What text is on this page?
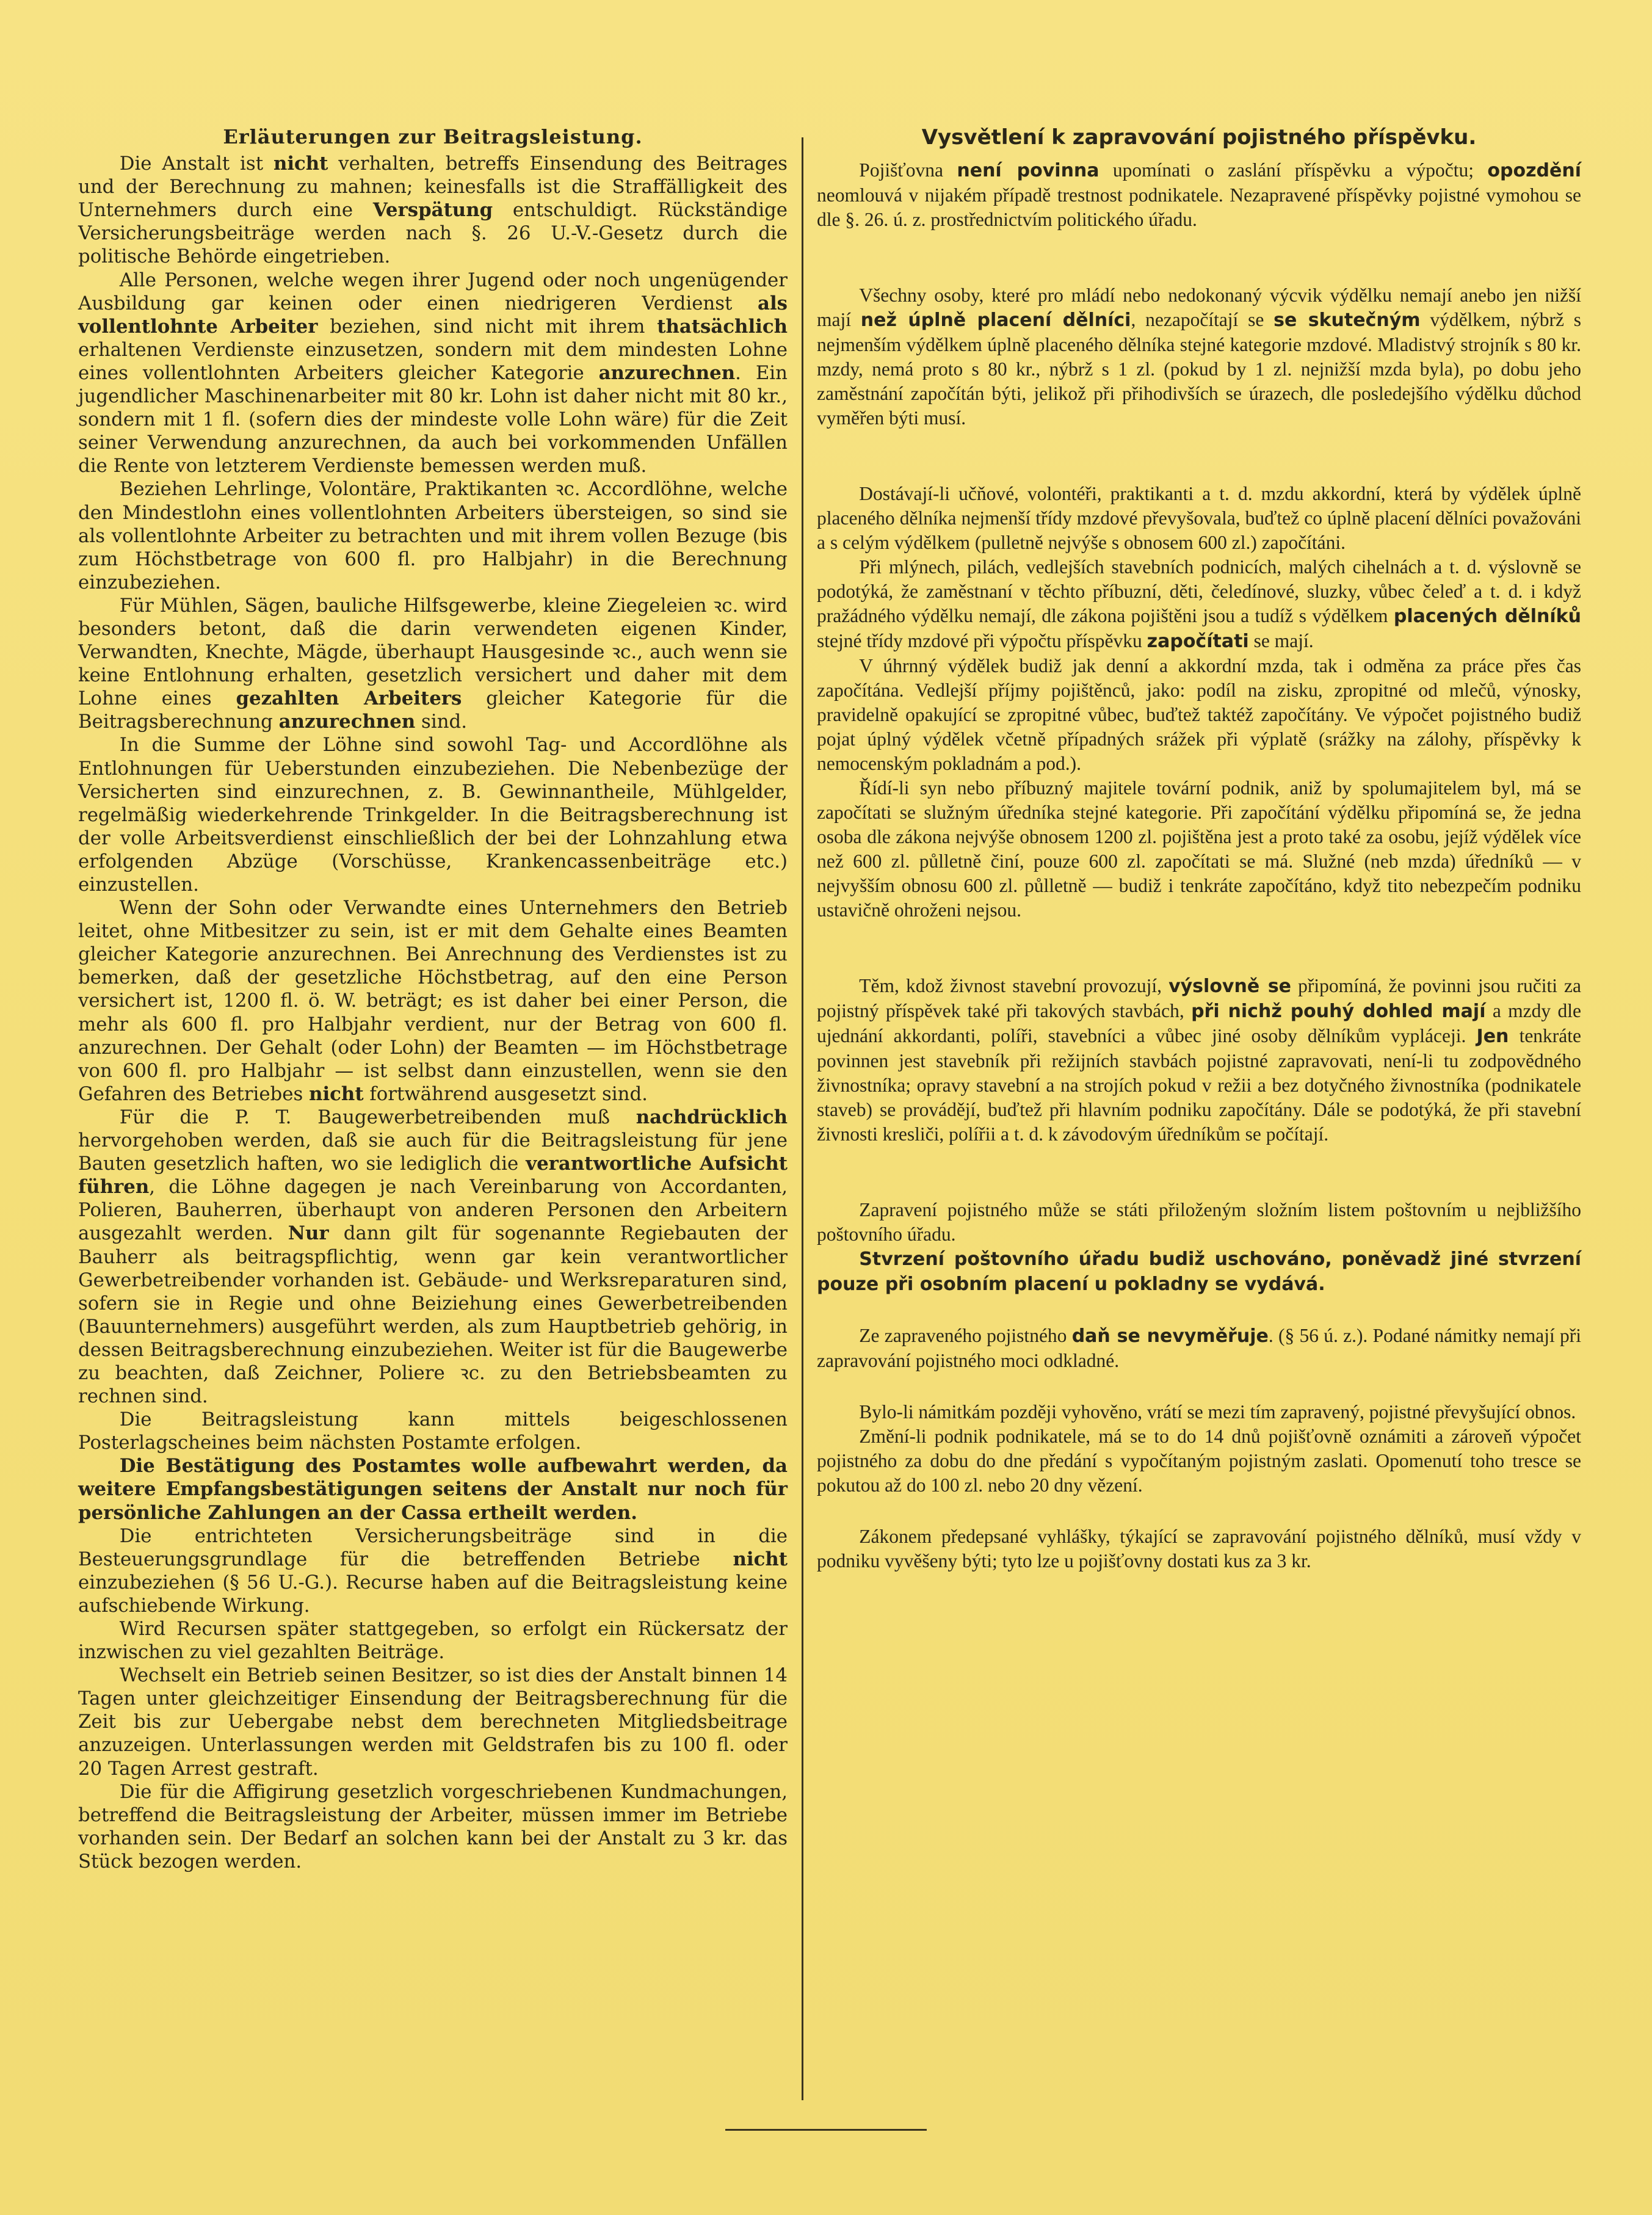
Erläuterungen zur Beitragsleistung.

Die Anstalt ist nicht verhalten, betreffs Einsendung des Beitrages und der Berechnung zu mahnen; keinesfalls ist die Straffälligkeit des Unternehmers durch eine Verspätung entschuldigt. Rückständige Versicherungsbeiträge werden nach §. 26 U.-V.-Gesetz durch die politische Behörde eingetrieben.

Alle Personen, welche wegen ihrer Jugend oder noch ungenügender Ausbildung gar keinen oder einen niedrigeren Verdienst als vollentlohnte Arbeiter beziehen, sind nicht mit ihrem thatsächlich erhaltenen Verdienste einzusetzen, sondern mit dem mindesten Lohne eines vollentlohnten Arbeiters gleicher Kategorie anzurechnen. Ein jugendlicher Maschinenarbeiter mit 80 kr. Lohn ist daher nicht mit 80 kr., sondern mit 1 fl. (sofern dies der mindeste volle Lohn wäre) für die Zeit seiner Verwendung anzurechnen, da auch bei vorkommenden Unfällen die Rente von letzterem Verdienste bemessen werden muß.

Beziehen Lehrlinge, Volontäre, Praktikanten ꝛc. Accordlöhne, welche den Mindestlohn eines vollentlohnten Arbeiters übersteigen, so sind sie als vollentlohnte Arbeiter zu betrachten und mit ihrem vollen Bezuge (bis zum Höchstbetrage von 600 fl. pro Halbjahr) in die Berechnung einzubeziehen.

Für Mühlen, Sägen, bauliche Hilfsgewerbe, kleine Ziegeleien ꝛc. wird besonders betont, daß die darin verwendeten eigenen Kinder, Verwandten, Knechte, Mägde, überhaupt Hausgesinde ꝛc., auch wenn sie keine Entlohnung erhalten, gesetzlich versichert und daher mit dem Lohne eines gezahlten Arbeiters gleicher Kategorie für die Beitragsberechnung anzurechnen sind.

In die Summe der Löhne sind sowohl Tag- und Accordlöhne als Entlohnungen für Ueberstunden einzubeziehen. Die Nebenbezüge der Versicherten sind einzurechnen, z. B. Gewinnantheile, Mühlgelder, regelmäßig wiederkehrende Trinkgelder. In die Beitragsberechnung ist der volle Arbeitsverdienst einschließlich der bei der Lohnzahlung etwa erfolgenden Abzüge (Vorschüsse, Krankencassenbeiträge etc.) einzustellen.

Wenn der Sohn oder Verwandte eines Unternehmers den Betrieb leitet, ohne Mitbesitzer zu sein, ist er mit dem Gehalte eines Beamten gleicher Kategorie anzurechnen. Bei Anrechnung des Verdienstes ist zu bemerken, daß der gesetzliche Höchstbetrag, auf den eine Person versichert ist, 1200 fl. ö. W. beträgt; es ist daher bei einer Person, die mehr als 600 fl. pro Halbjahr verdient, nur der Betrag von 600 fl. anzurechnen. Der Gehalt (oder Lohn) der Beamten — im Höchstbetrage von 600 fl. pro Halbjahr — ist selbst dann einzustellen, wenn sie den Gefahren des Betriebes nicht fortwährend ausgesetzt sind.

Für die P. T. Baugewerbetreibenden muß nachdrücklich hervorgehoben werden, daß sie auch für die Beitragsleistung für jene Bauten gesetzlich haften, wo sie lediglich die verantwortliche Aufsicht führen, die Löhne dagegen je nach Vereinbarung von Accordanten, Polieren, Bauherren, überhaupt von anderen Personen den Arbeitern ausgezahlt werden. Nur dann gilt für sogenannte Regiebauten der Bauherr als beitragspflichtig, wenn gar kein verantwortlicher Gewerbetreibender vorhanden ist. Gebäude- und Werksreparaturen sind, sofern sie in Regie und ohne Beiziehung eines Gewerbetreibenden (Bauunternehmers) ausgeführt werden, als zum Hauptbetrieb gehörig, in dessen Beitragsberechnung einzubeziehen. Weiter ist für die Baugewerbe zu beachten, daß Zeichner, Poliere ꝛc. zu den Betriebsbeamten zu rechnen sind.

Die Beitragsleistung kann mittels beigeschlossenen Posterlagscheines beim nächsten Postamte erfolgen.

Die Bestätigung des Postamtes wolle aufbewahrt werden, da weitere Empfangsbestätigungen seitens der Anstalt nur noch für persönliche Zahlungen an der Cassa ertheilt werden.

Die entrichteten Versicherungsbeiträge sind in die Besteuerungsgrundlage für die betreffenden Betriebe nicht einzubeziehen (§ 56 U.-G.). Recurse haben auf die Beitragsleistung keine aufschiebende Wirkung.

Wird Recursen später stattgegeben, so erfolgt ein Rückersatz der inzwischen zu viel gezahlten Beiträge.

Wechselt ein Betrieb seinen Besitzer, so ist dies der Anstalt binnen 14 Tagen unter gleichzeitiger Einsendung der Beitragsberechnung für die Zeit bis zur Uebergabe nebst dem berechneten Mitgliedsbeitrage anzuzeigen. Unterlassungen werden mit Geldstrafen bis zu 100 fl. oder 20 Tagen Arrest gestraft.

Die für die Affigirung gesetzlich vorgeschriebenen Kundmachungen, betreffend die Beitragsleistung der Arbeiter, müssen immer im Betriebe vorhanden sein. Der Bedarf an solchen kann bei der Anstalt zu 3 kr. das Stück bezogen werden.

Vysvětlení k zapravování pojistného příspěvku.

Pojišťovna není povinna upomínati o zaslání příspěvku a výpočtu; opozdění neomlouvá v nijakém případě trestnost podnikatele. Nezapravené příspěvky pojistné vymohou se dle §. 26. ú. z. prostřednictvím politického úřadu.

Všechny osoby, které pro mládí nebo nedokonaný výcvik výdělku nemají anebo jen nižší mají než úplně placení dělníci, nezapočítají se se skutečným výdělkem, nýbrž s nejmenším výdělkem úplně placeného dělníka stejné kategorie mzdové. Mladistvý strojník s 80 kr. mzdy, nemá proto s 80 kr., nýbrž s 1 zl. (pokud by 1 zl. nejnižší mzda byla), po dobu jeho zaměstnání započítán býti, jelikož při přihodivších se úrazech, dle posledejšího výdělku důchod vyměřen býti musí.

Dostávají-li učňové, volontéři, praktikanti a t. d. mzdu akkordní, která by výdělek úplně placeného dělníka nejmenší třídy mzdové převyšovala, buďtež co úplně placení dělníci považováni a s celým výdělkem (pulletně nejvýše s obnosem 600 zl.) započítáni.

Při mlýnech, pilách, vedlejších stavebních podnicích, malých cihelnách a t. d. výslovně se podotýká, že zaměstnaní v těchto příbuzní, děti, čeledínové, sluzky, vůbec čeleď a t. d. i když pražádného výdělku nemají, dle zákona pojištěni jsou a tudíž s výdělkem placených dělníků stejné třídy mzdové při výpočtu příspěvku započítati se mají.

V úhrnný výdělek budiž jak denní a akkordní mzda, tak i odměna za práce přes čas započítána. Vedlejší příjmy pojištěnců, jako: podíl na zisku, zpropitné od mlečů, výnosky, pravidelně opakující se zpropitné vůbec, buďtež taktéž započítány. Ve výpočet pojistného budiž pojat úplný výdělek včetně případných srážek při výplatě (srážky na zálohy, příspěvky k nemocenským pokladnám a pod.).

Řídí-li syn nebo příbuzný majitele tovární podnik, aniž by spolumajitelem byl, má se započítati se služným úředníka stejné kategorie. Při započítání výdělku připomíná se, že jedna osoba dle zákona nejvýše obnosem 1200 zl. pojištěna jest a proto také za osobu, jejíž výdělek více než 600 zl. půlletně činí, pouze 600 zl. započítati se má. Služné (neb mzda) úředníků — v nejvyšším obnosu 600 zl. půlletně — budiž i tenkráte započítáno, když tito nebezpečím podniku ustavičně ohroženi nejsou.

Těm, kdož živnost stavební provozují, výslovně se připomíná, že povinni jsou ručiti za pojistný příspěvek také při takových stavbách, při nichž pouhý dohled mají a mzdy dle ujednání akkordanti, políři, stavebníci a vůbec jiné osoby dělníkům vypláceji. Jen tenkráte povinnen jest stavebník při režijních stavbách pojistné zapravovati, není-li tu zodpovědného živnostníka; opravy stavební a na strojích pokud v režii a bez dotyčného živnostníka (podnikatele staveb) se provádějí, buďtež při hlavním podniku započítány. Dále se podotýká, že při stavební živnosti kresliči, polířii a t. d. k závodovým úředníkům se počítají.

Zapravení pojistného může se státi přiloženým složním listem poštovním u nejbližšího poštovního úřadu.

Stvrzení poštovního úřadu budiž uschováno, poněvadž jiné stvrzení pouze při osobním placení u pokladny se vydává.

Ze zapraveného pojistného daň se nevyměřuje. (§ 56 ú. z.). Podané námitky nemají při zapravování pojistného moci odkladné.

Bylo-li námitkám později vyhověno, vrátí se mezi tím zapravený, pojistné převyšující obnos.

Změní-li podnik podnikatele, má se to do 14 dnů pojišťovně oznámiti a zároveň výpočet pojistného za dobu do dne předání s vypočítaným pojistným zaslati. Opomenutí toho tresce se pokutou až do 100 zl. nebo 20 dny vězení.

Zákonem předepsané vyhlášky, týkající se zapravování pojistného dělníků, musí vždy v podniku vyvěšeny býti; tyto lze u pojišťovny dostati kus za 3 kr.
